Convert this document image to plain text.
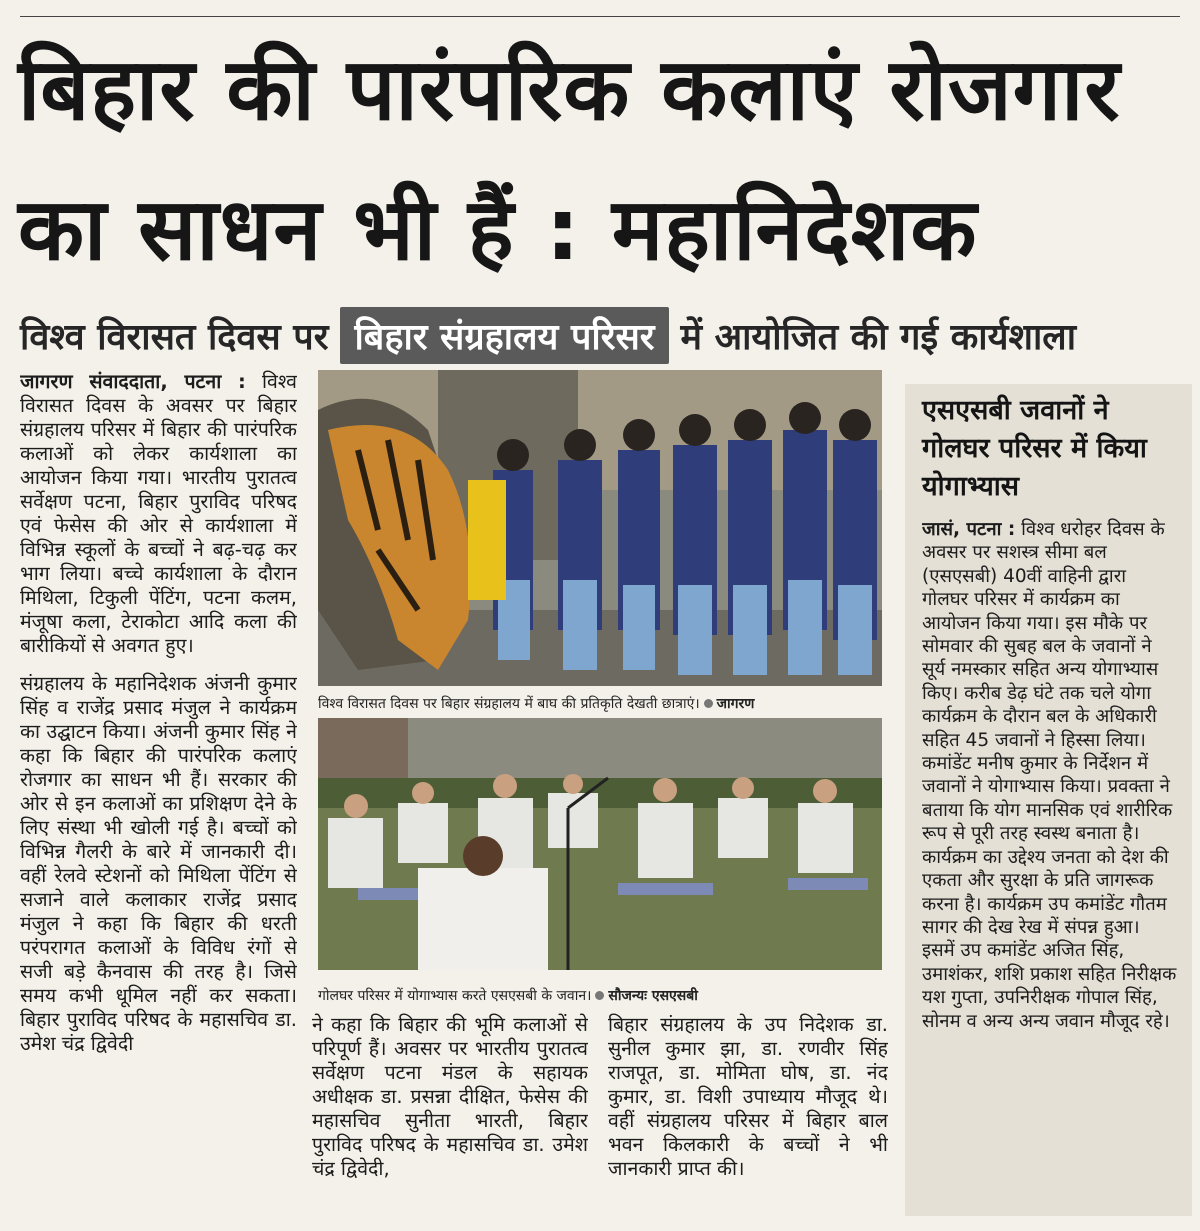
बिहार की पारंपरिक कलाएं रोजगार
का साधन भी हैं : महानिदेशक
विश्व विरासत दिवस पर बिहार संग्रहालय परिसर में आयोजित की गई कार्यशाला

जागरण संवाददाता, पटना : विश्व विरासत दिवस के अवसर पर बिहार संग्रहालय परिसर में बिहार की पारंपरिक कलाओं को लेकर कार्यशाला का आयोजन किया गया। भारतीय पुरातत्व सर्वेक्षण पटना, बिहार पुराविद परिषद एवं फेसेस की ओर से कार्यशाला में विभिन्न स्कूलों के बच्चों ने बढ़-चढ़ कर भाग लिया। बच्चे कार्यशाला के दौरान मिथिला, टिकुली पेंटिंग, पटना कलम, मंजूषा कला, टेराकोटा आदि कला की बारीकियों से अवगत हुए।

संग्रहालय के महानिदेशक अंजनी कुमार सिंह व राजेंद्र प्रसाद मंजुल ने कार्यक्रम का उद्घाटन किया। अंजनी कुमार सिंह ने कहा कि बिहार की पारंपरिक कलाएं रोजगार का साधन भी हैं। सरकार की ओर से इन कलाओं का प्रशिक्षण देने के लिए संस्था भी खोली गई है। बच्चों को विभिन्न गैलरी के बारे में जानकारी दी। वहीं रेलवे स्टेशनों को मिथिला पेंटिंग से सजाने वाले कलाकार राजेंद्र प्रसाद मंजुल ने कहा कि बिहार की धरती परंपरागत कलाओं के विविध रंगों से सजी बड़े कैनवास की तरह है। जिसे समय कभी धूमिल नहीं कर सकता। बिहार पुराविद परिषद के महासचिव डा. उमेश चंद्र द्विवेदी

विश्व विरासत दिवस पर बिहार संग्रहालय में बाघ की प्रतिकृति देखती छात्राएं। जागरण
गोलघर परिसर में योगाभ्यास करते एसएसबी के जवान। सौजन्यः एसएसबी

ने कहा कि बिहार की भूमि कलाओं से परिपूर्ण हैं। अवसर पर भारतीय पुरातत्व सर्वेक्षण पटना मंडल के सहायक अधीक्षक डा. प्रसन्ना दीक्षित, फेसेस की महासचिव सुनीता भारती, बिहार पुराविद परिषद के महासचिव डा. उमेश चंद्र द्विवेदी,

बिहार संग्रहालय के उप निदेशक डा. सुनील कुमार झा, डा. रणवीर सिंह राजपूत, डा. मोमिता घोष, डा. नंद कुमार, डा. विशी उपाध्याय मौजूद थे। वहीं संग्रहालय परिसर में बिहार बाल भवन किलकारी के बच्चों ने भी जानकारी प्राप्त की।

एसएसबी जवानों ने गोलघर परिसर में किया योगाभ्यास

जासं, पटना : विश्व धरोहर दिवस के अवसर पर सशस्त्र सीमा बल (एसएसबी) 40वीं वाहिनी द्वारा गोलघर परिसर में कार्यक्रम का आयोजन किया गया। इस मौके पर सोमवार की सुबह बल के जवानों ने सूर्य नमस्कार सहित अन्य योगाभ्यास किए। करीब डेढ़ घंटे तक चले योगा कार्यक्रम के दौरान बल के अधिकारी सहित 45 जवानों ने हिस्सा लिया। कमांडेंट मनीष कुमार के निर्देशन में जवानों ने योगाभ्यास किया। प्रवक्ता ने बताया कि योग मानसिक एवं शारीरिक रूप से पूरी तरह स्वस्थ बनाता है। कार्यक्रम का उद्देश्य जनता को देश की एकता और सुरक्षा के प्रति जागरूक करना है। कार्यक्रम उप कमांडेंट गौतम सागर की देख रेख में संपन्न हुआ। इसमें उप कमांडेंट अजित सिंह, उमाशंकर, शशि प्रकाश सहित निरीक्षक यश गुप्ता, उपनिरीक्षक गोपाल सिंह, सोनम व अन्य अन्य जवान मौजूद रहे।
